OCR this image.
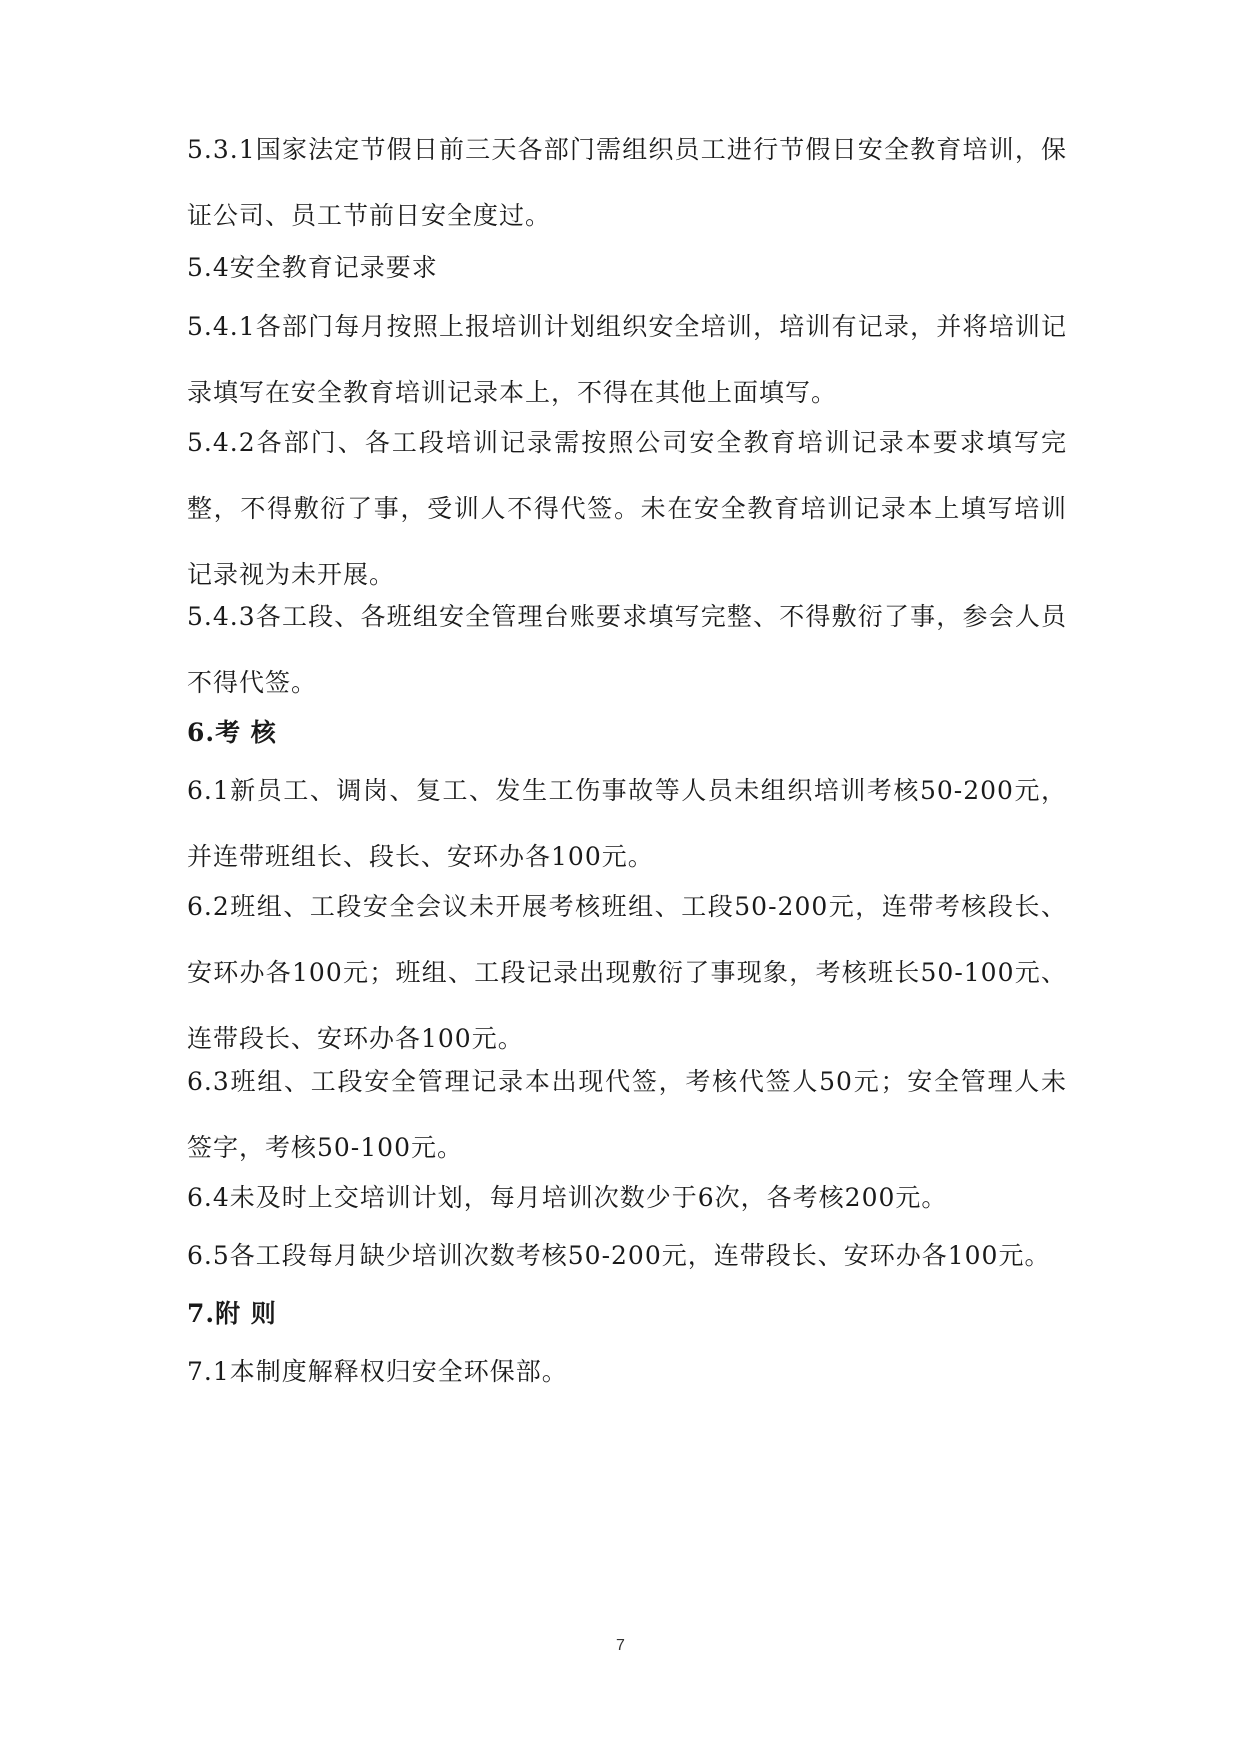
5.3.1国家法定节假日前三天各部门需组织员工进行节假日安全教育培训，保证公司、员工节前日安全度过。

5.4安全教育记录要求

5.4.1各部门每月按照上报培训计划组织安全培训，培训有记录，并将培训记录填写在安全教育培训记录本上，不得在其他上面填写。

5.4.2各部门、各工段培训记录需按照公司安全教育培训记录本要求填写完整，不得敷衍了事，受训人不得代签。未在安全教育培训记录本上填写培训记录视为未开展。

5.4.3各工段、各班组安全管理台账要求填写完整、不得敷衍了事，参会人员不得代签。

6.考 核

6.1新员工、调岗、复工、发生工伤事故等人员未组织培训考核50-200元，并连带班组长、段长、安环办各100元。

6.2班组、工段安全会议未开展考核班组、工段50-200元，连带考核段长、安环办各100元；班组、工段记录出现敷衍了事现象，考核班长50-100元、连带段长、安环办各100元。

6.3班组、工段安全管理记录本出现代签，考核代签人50元；安全管理人未签字，考核50-100元。

6.4未及时上交培训计划，每月培训次数少于6次，各考核200元。

6.5各工段每月缺少培训次数考核50-200元，连带段长、安环办各100元。

7.附 则

7.1本制度解释权归安全环保部。

7
